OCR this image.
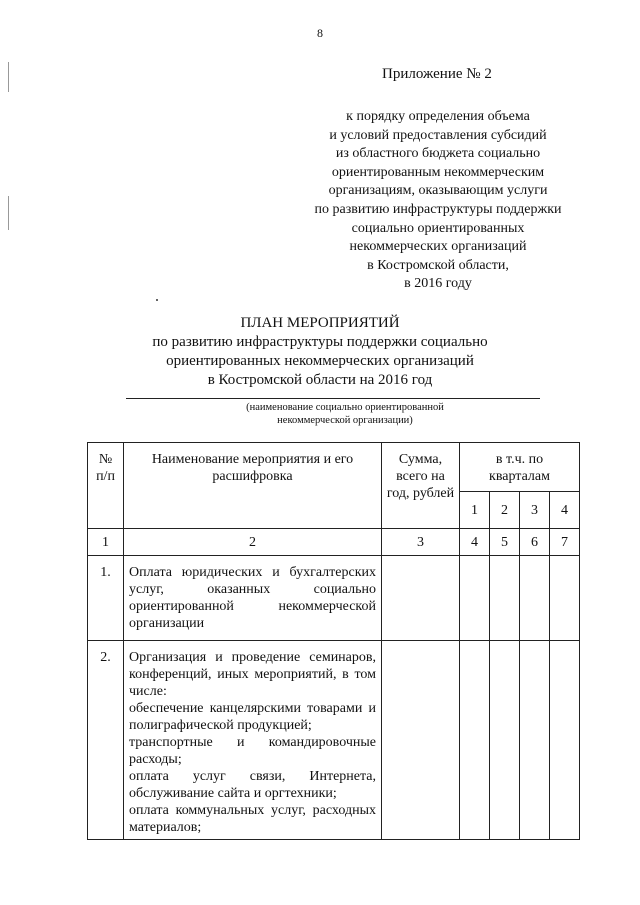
8
Приложение № 2
к порядку определения объема
и условий предоставления субсидий
из областного бюджета социально
ориентированным некоммерческим
организациям, оказывающим услуги
по развитию инфраструктуры поддержки
социально ориентированных
некоммерческих организаций
в Костромской области,
в 2016 году
ПЛАН МЕРОПРИЯТИЙ
по развитию инфраструктуры поддержки социально
ориентированных некоммерческих организаций
в Костромской области на 2016 год
(наименование социально ориентированной
некоммерческой организации)
№ п/п	Наименование мероприятия и его расшифровка	Сумма, всего на год, рублей	в т.ч. по кварталам			
			1	2	3	4
1	2	3	4	5	6	7
1.	Оплата юридических и бухгалтерских услуг, оказанных социально ориентированной некоммерческой организации					

2.	Организация и проведение семинаров, конференций, иных мероприятий, в том числе:
обеспечение канцелярскими товарами и полиграфической продукцией;
транспортные и командировочные расходы;
оплата услуг связи, Интернета, обслуживание сайта и оргтехники;
оплата коммунальных услуг, расходных материалов;					
